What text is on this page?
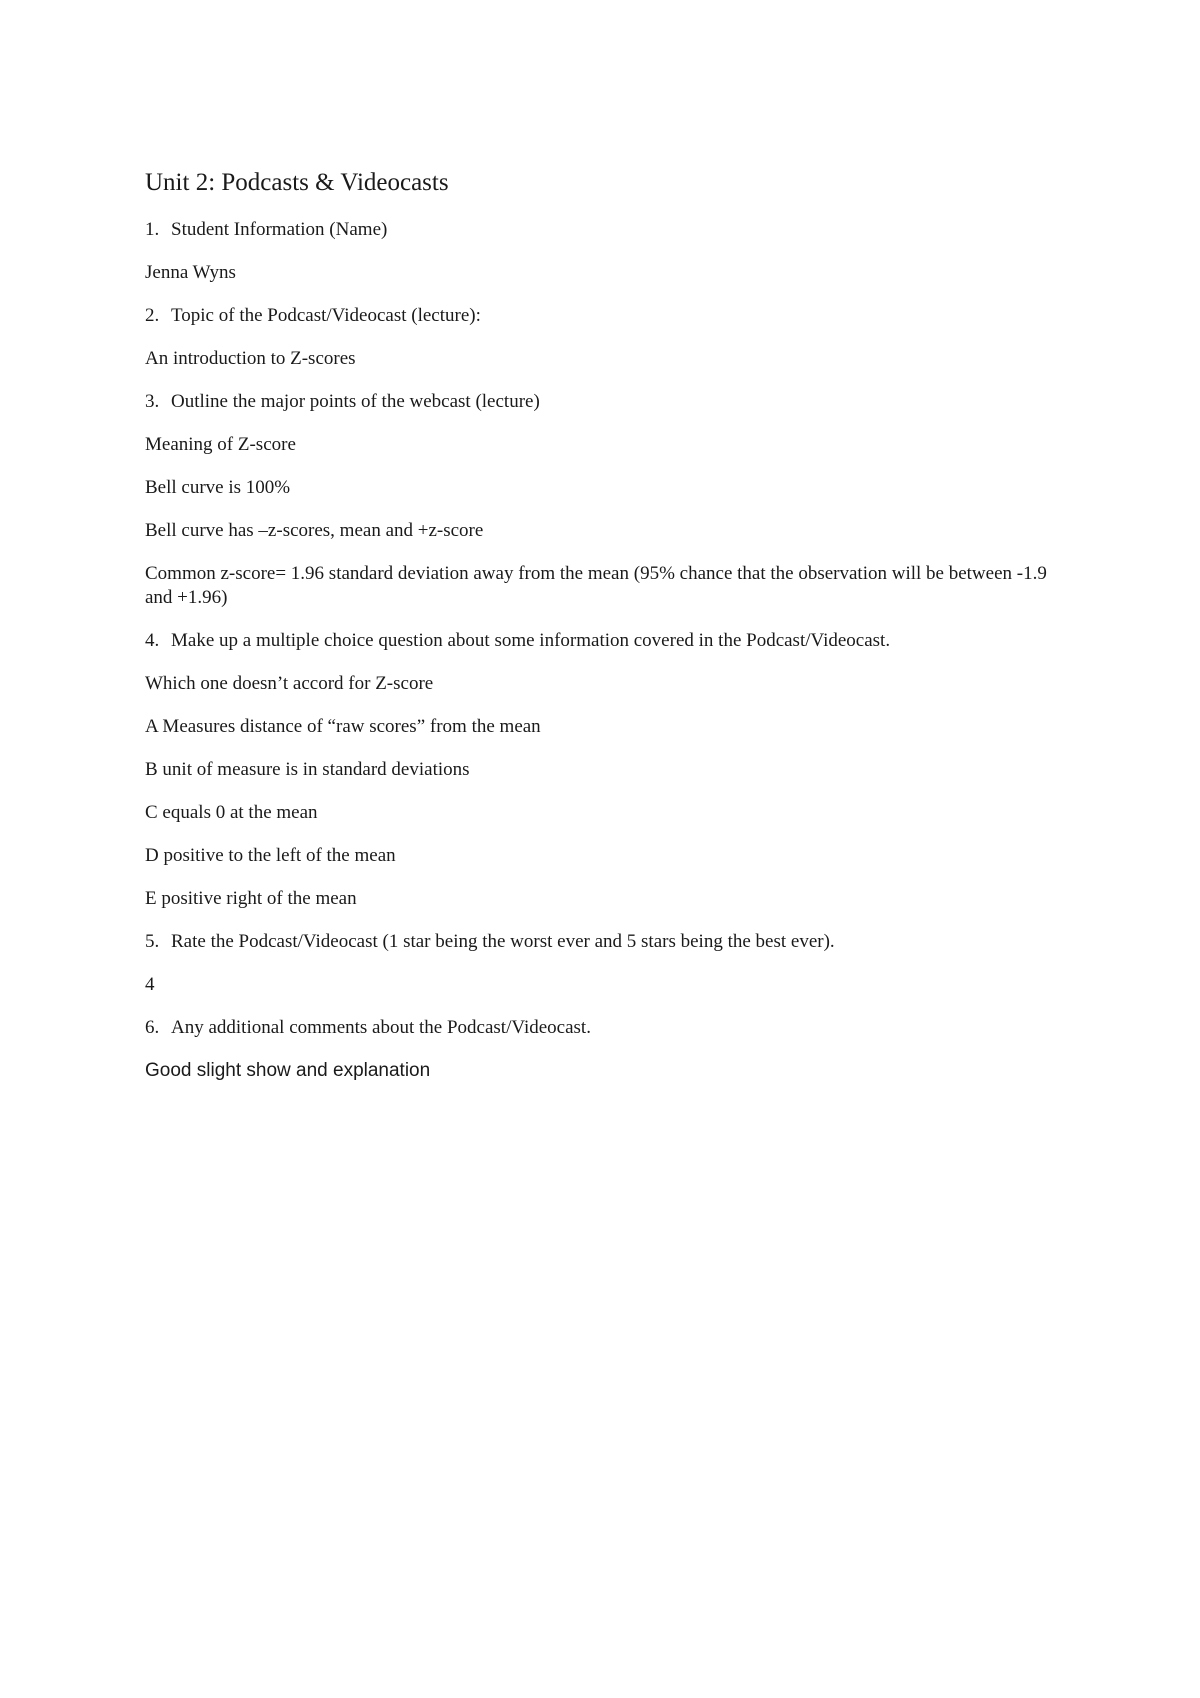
Unit 2: Podcasts & Videocasts
1. Student Information (Name)
Jenna Wyns
2. Topic of the Podcast/Videocast (lecture):
An introduction to Z-scores
3. Outline the major points of the webcast (lecture)
Meaning of Z-score
Bell curve is 100%
Bell curve has –z-scores, mean and +z-score
Common z-score= 1.96 standard deviation away from the mean (95% chance that the observation will be between -1.9 and +1.96)
4. Make up a multiple choice question about some information covered in the Podcast/Videocast.
Which one doesn’t accord for Z-score
A Measures distance of “raw scores” from the mean
B unit of measure is in standard deviations
C equals 0 at the mean
D positive to the left of the mean
E positive right of the mean
5. Rate the Podcast/Videocast (1 star being the worst ever and 5 stars being the best ever).
4
6. Any additional comments about the Podcast/Videocast.
Good slight show and explanation
